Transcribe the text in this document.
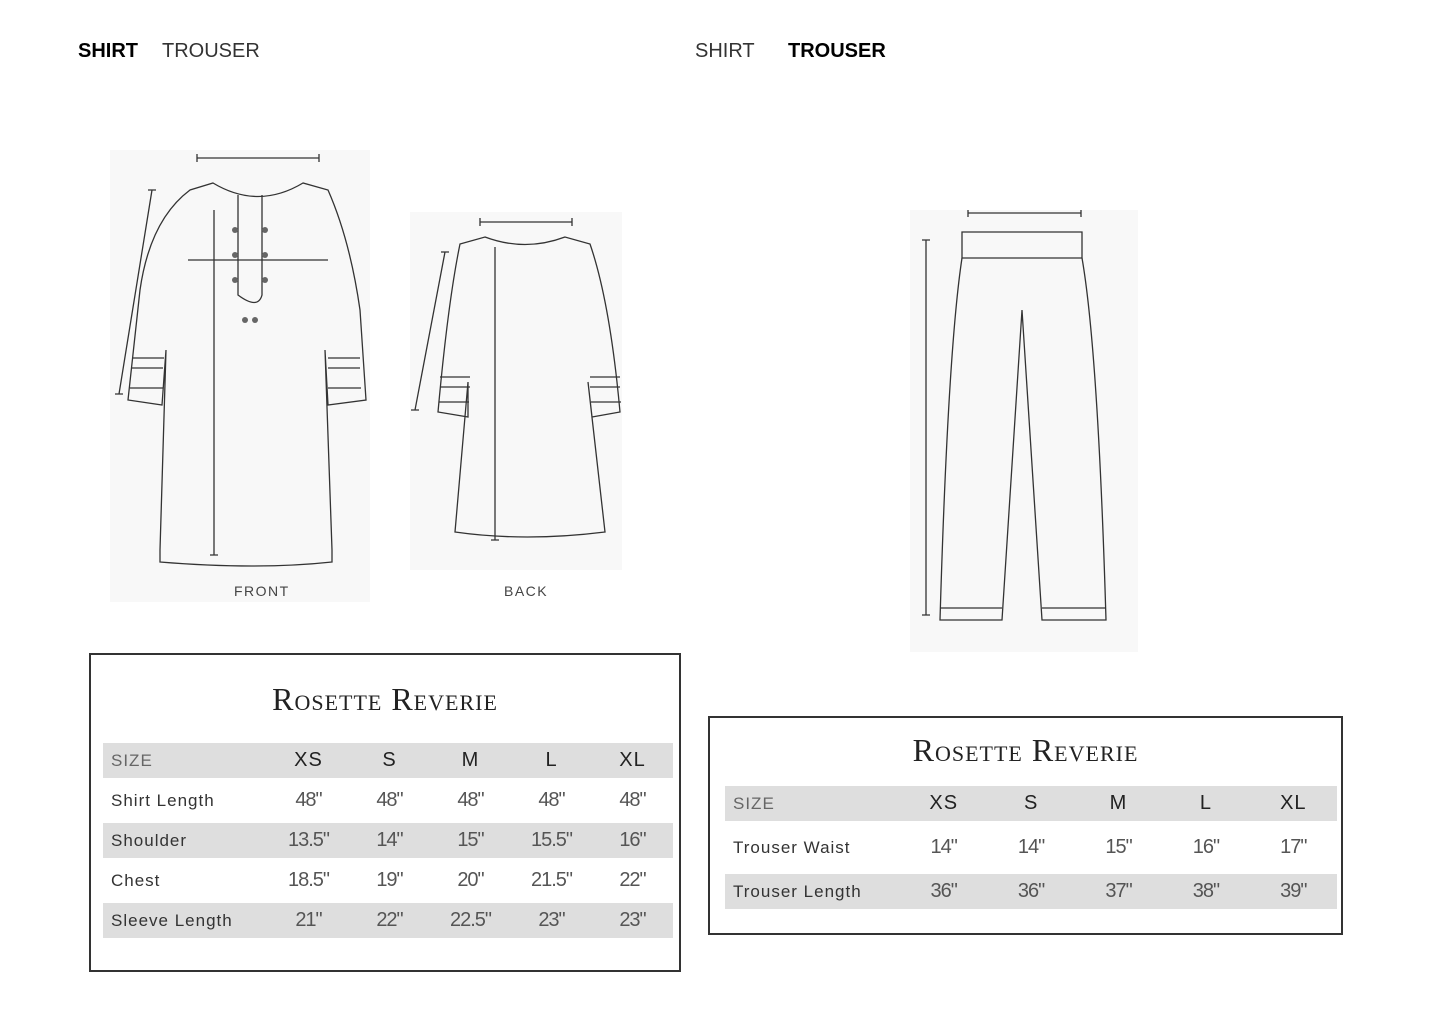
SHIRT TROUSER	SHIRT TROUSER
FRONT	BACK
Rosette Reverie
SIZE	XS	S	M	L	XL
Shirt Length	48"	48"	48"	48"	48"
Shoulder	13.5"	14"	15"	15.5"	16"
Chest	18.5"	19"	20"	21.5"	22"
Sleeve Length	21"	22"	22.5"	23"	23"
Rosette Reverie
SIZE	XS	S	M	L	XL
Trouser Waist	14"	14"	15"	16"	17"
Trouser Length	36"	36"	37"	38"	39"
